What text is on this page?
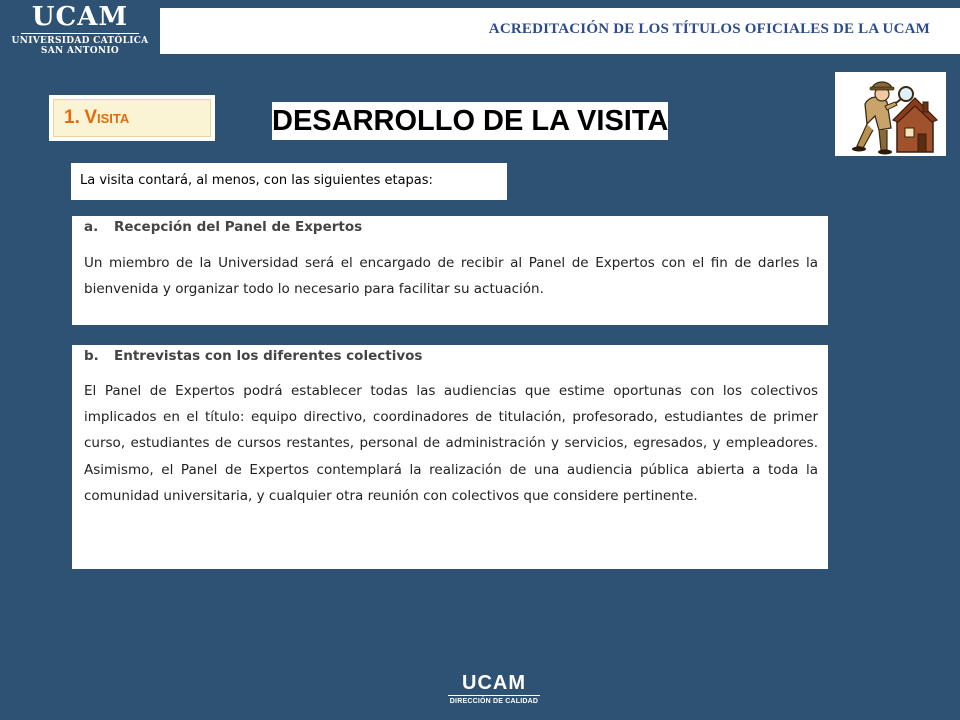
UCAM
UNIVERSIDAD CATÓLICA
SAN ANTONIO
ACREDITACIÓN DE LOS TÍTULOS OFICIALES DE LA UCAM
1. VISITA	DESARROLLO DE LA VISITA
La visita contará, al menos, con las siguientes etapas:
a. Recepción del Panel de Expertos
Un miembro de la Universidad será el encargado de recibir al Panel de Expertos con el fin de darles la bienvenida y organizar todo lo necesario para facilitar su actuación.
b. Entrevistas con los diferentes colectivos
El Panel de Expertos podrá establecer todas las audiencias que estime oportunas con los colectivos implicados en el título: equipo directivo, coordinadores de titulación, profesorado, estudiantes de primer curso, estudiantes de cursos restantes, personal de administración y servicios, egresados, y empleadores. Asimismo, el Panel de Expertos contemplará la realización de una audiencia pública abierta a toda la comunidad universitaria, y cualquier otra reunión con colectivos que considere pertinente.
UCAM
DIRECCIÓN DE CALIDAD
